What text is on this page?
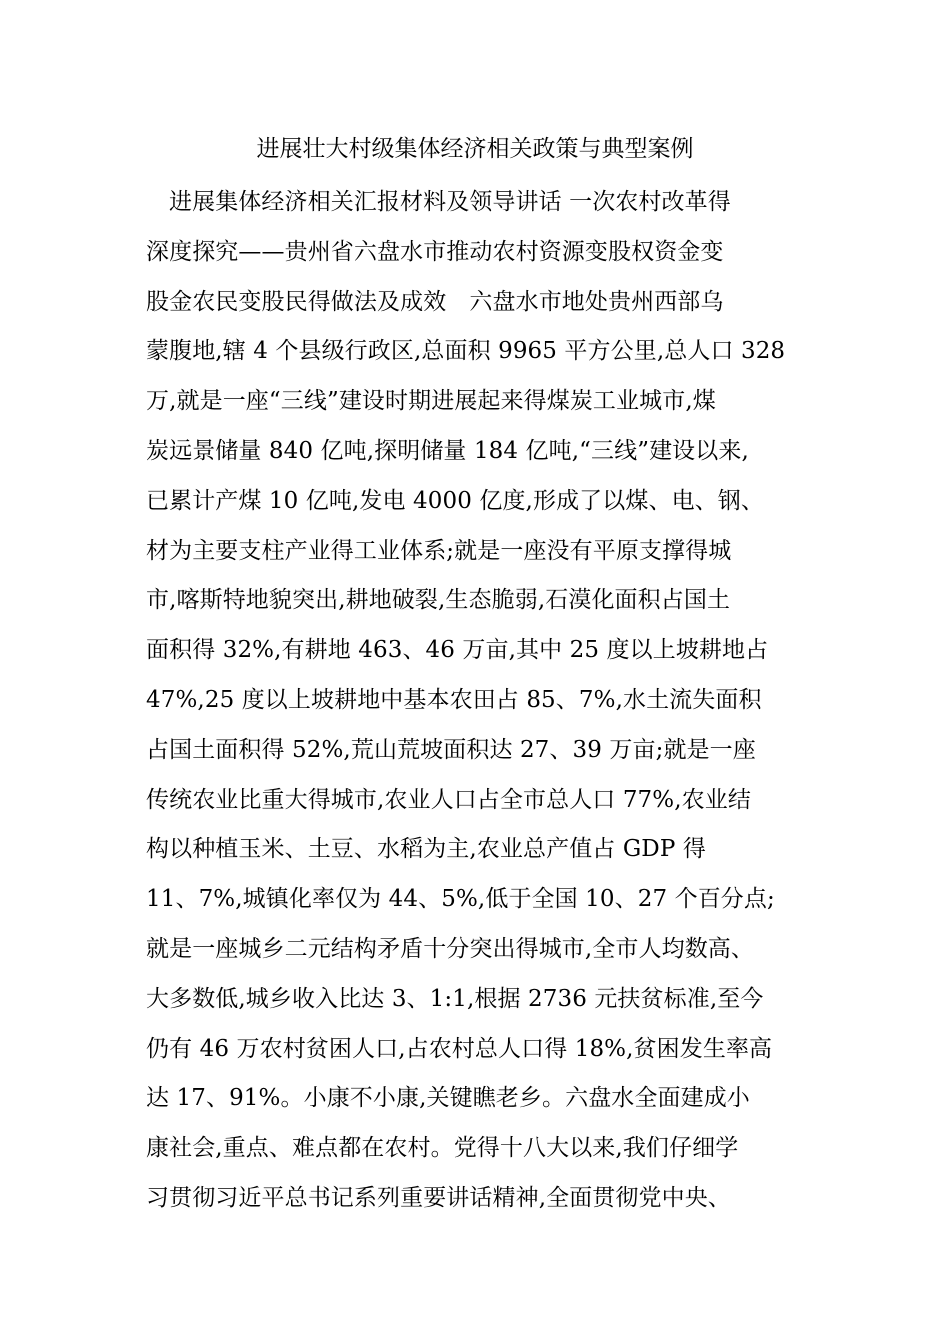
进展壮大村级集体经济相关政策与典型案例
进展集体经济相关汇报材料及领导讲话 一次农村改革得
深度探究——贵州省六盘水市推动农村资源变股权资金变
股金农民变股民得做法及成效　六盘水市地处贵州西部乌
蒙腹地,辖 4 个县级行政区,总面积 9965 平方公里,总人口 328
万,就是一座“三线”建设时期进展起来得煤炭工业城市,煤
炭远景储量 840 亿吨,探明储量 184 亿吨,“三线”建设以来,
已累计产煤 10 亿吨,发电 4000 亿度,形成了以煤、电、钢、
材为主要支柱产业得工业体系;就是一座没有平原支撑得城
市,喀斯特地貌突出,耕地破裂,生态脆弱,石漠化面积占国土
面积得 32%,有耕地 463、46 万亩,其中 25 度以上坡耕地占
47%,25 度以上坡耕地中基本农田占 85、7%,水土流失面积
占国土面积得 52%,荒山荒坡面积达 27、39 万亩;就是一座
传统农业比重大得城市,农业人口占全市总人口 77%,农业结
构以种植玉米、土豆、水稻为主,农业总产值占 GDP 得
11、7%,城镇化率仅为 44、5%,低于全国 10、27 个百分点;
就是一座城乡二元结构矛盾十分突出得城市,全市人均数高、
大多数低,城乡收入比达 3、1:1,根据 2736 元扶贫标准,至今
仍有 46 万农村贫困人口,占农村总人口得 18%,贫困发生率高
达 17、91%。小康不小康,关键瞧老乡。六盘水全面建成小
康社会,重点、难点都在农村。党得十八大以来,我们仔细学
习贯彻习近平总书记系列重要讲话精神,全面贯彻党中央、
